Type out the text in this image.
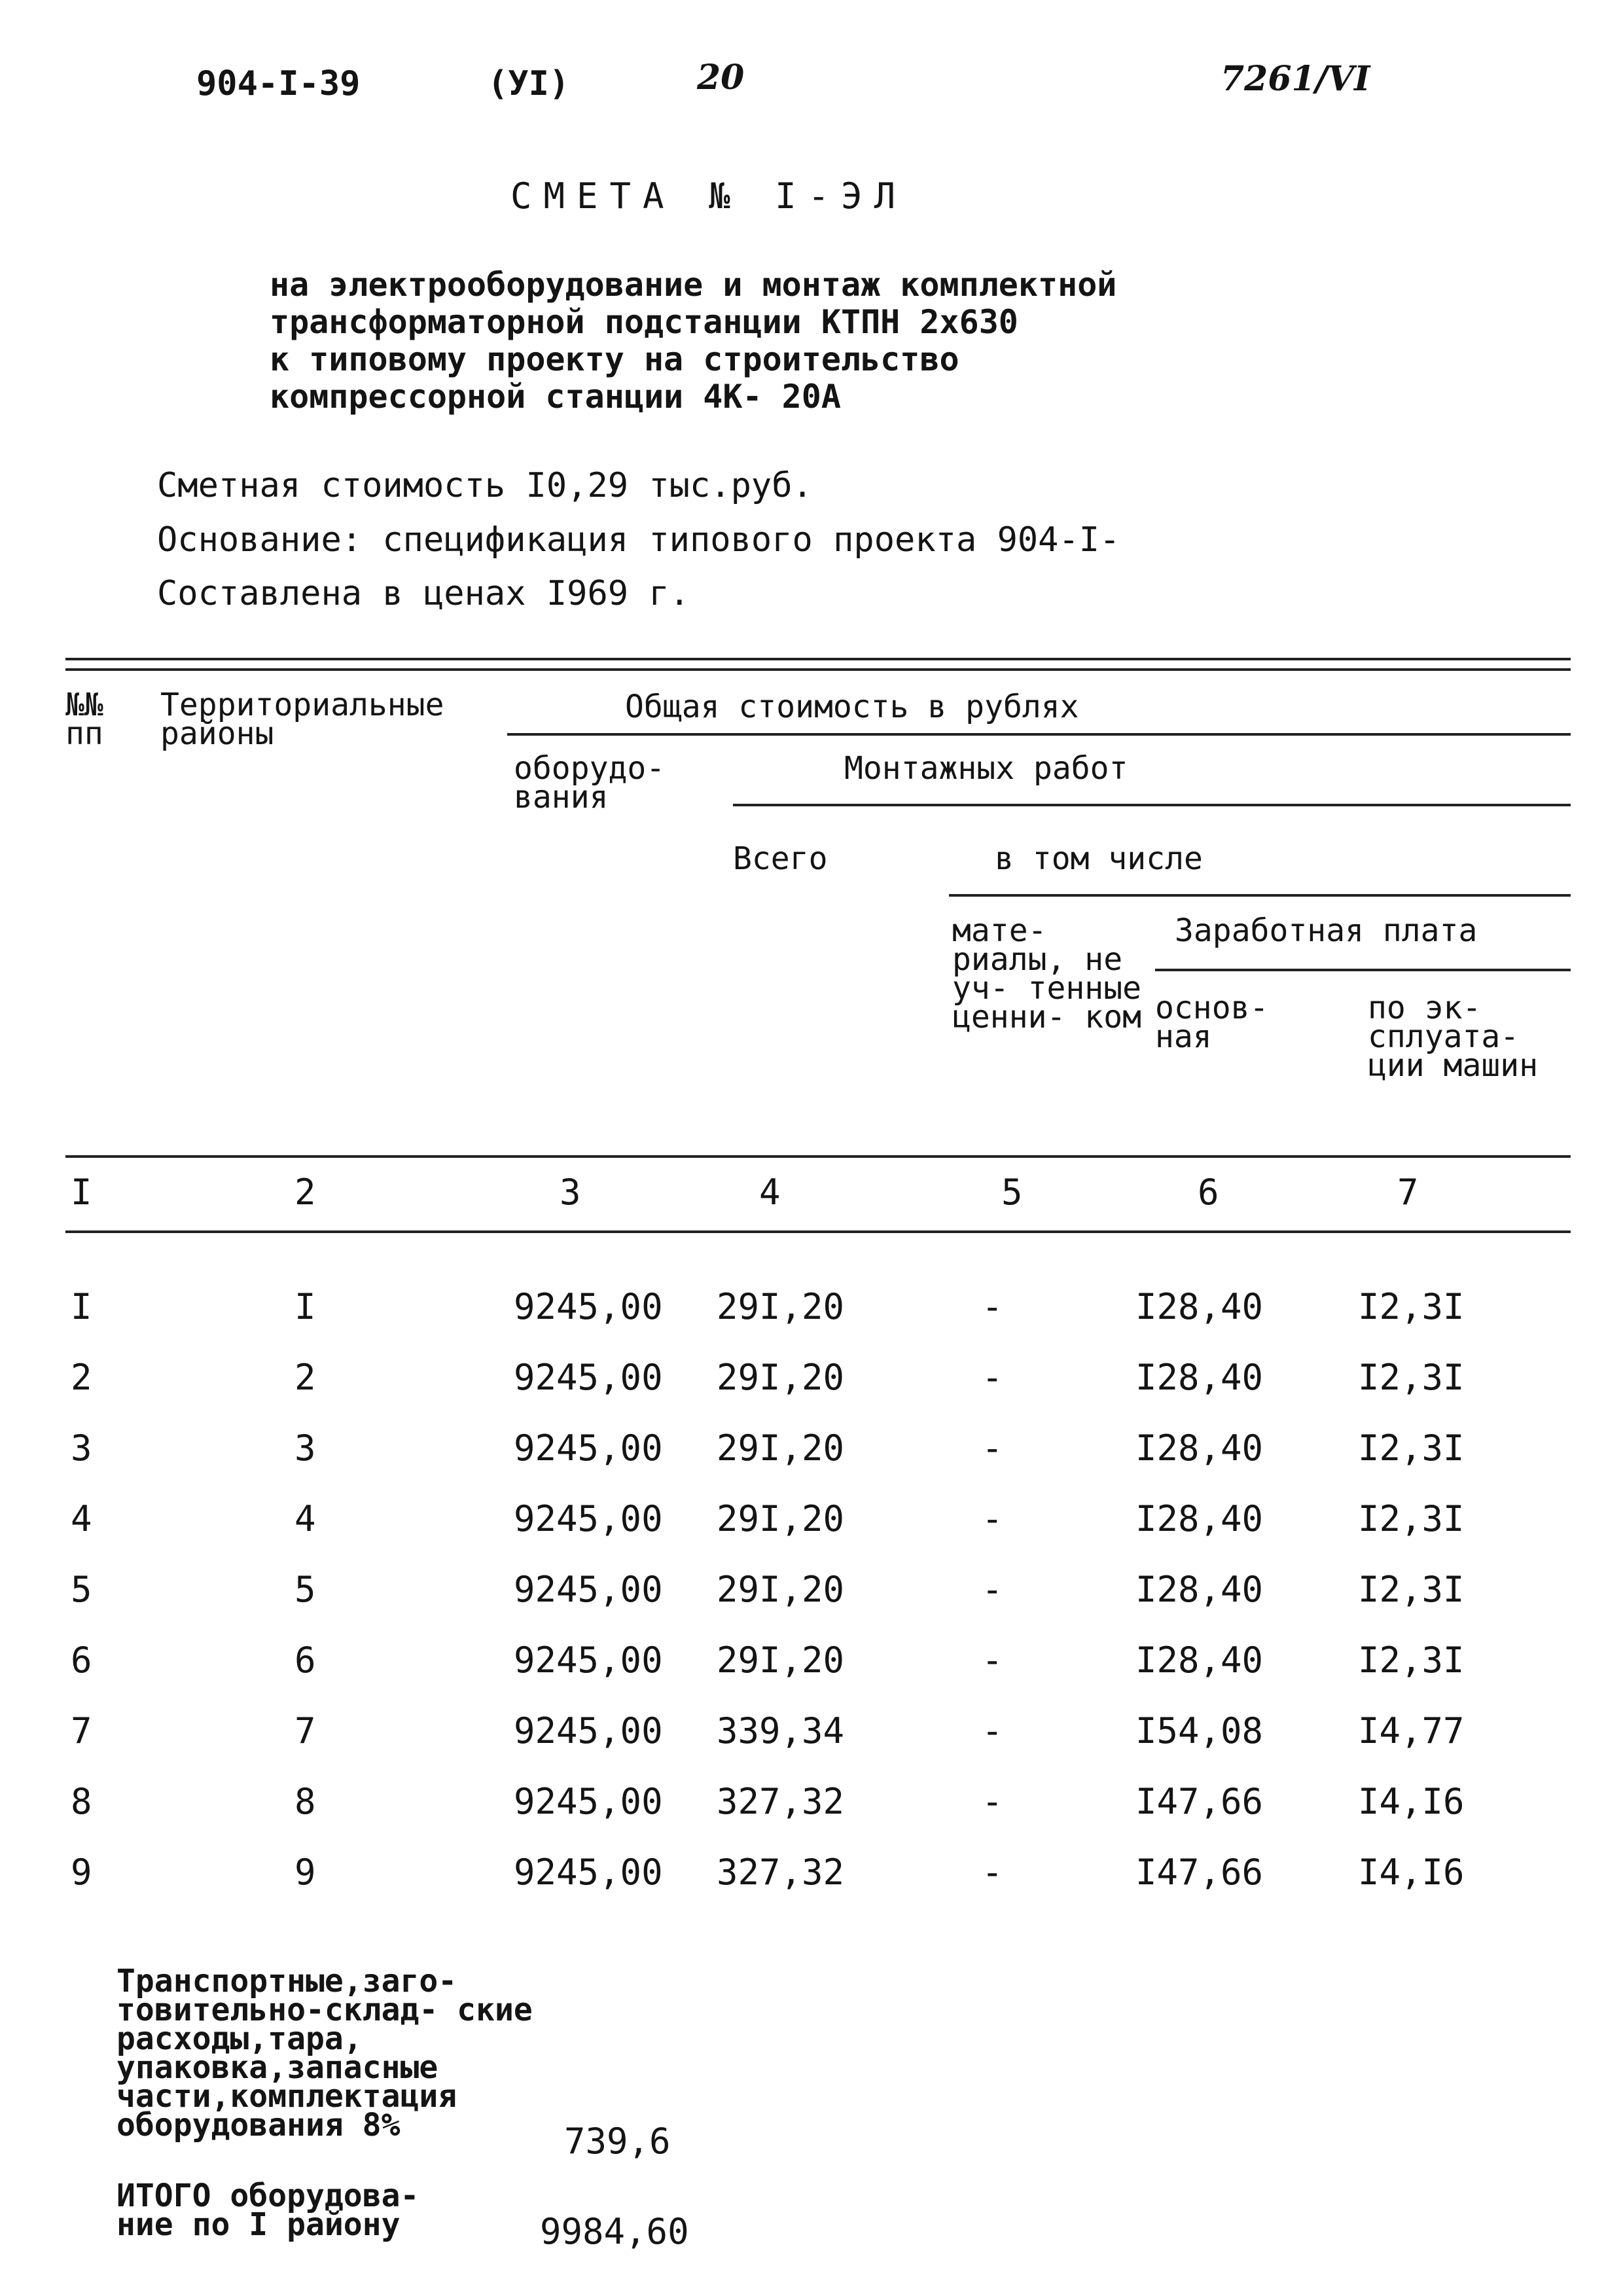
904-I-39	(УI)	20	7261/VI
СМЕТА № I-ЭЛ
на электрооборудование и монтаж комплектной
трансформаторной подстанции КТПН 2х630
к типовому проекту на строительство
компрессорной станции 4К- 20А
Сметная стоимость I0,29 тыс.руб.
Основание: спецификация типового проекта 904-I-
Составлена в ценах I969 г.
№№ пп
Территориальные районы
Общая стоимость в рублях
оборудо- вания
Монтажных работ
Всего	в том числе
мате- риалы, не уч- тенные ценни- ком
Заработная плата
основ- ная
по эк- сплуата- ции машин
I	2	3	4	5	6	7
I	I	9245,00 29I,20	-	I28,40	I2,3I
2	2	9245,00 29I,20	-	I28,40	I2,3I
3	3	9245,00 29I,20	-	I28,40	I2,3I
4	4	9245,00 29I,20	-	I28,40	I2,3I
5	5	9245,00 29I,20	-	I28,40	I2,3I
6	6	9245,00 29I,20	-	I28,40	I2,3I
7	7	9245,00 339,34	-	I54,08	I4,77
8	8	9245,00 327,32	-	I47,66	I4,I6
9	9	9245,00 327,32	-	I47,66	I4,I6
Транспортные,заго- товительно-склад- ские расходы,тара, упаковка,запасные части,комплектация оборудования 8%	739,6
ИТОГО оборудова- ние по I району	9984,60
